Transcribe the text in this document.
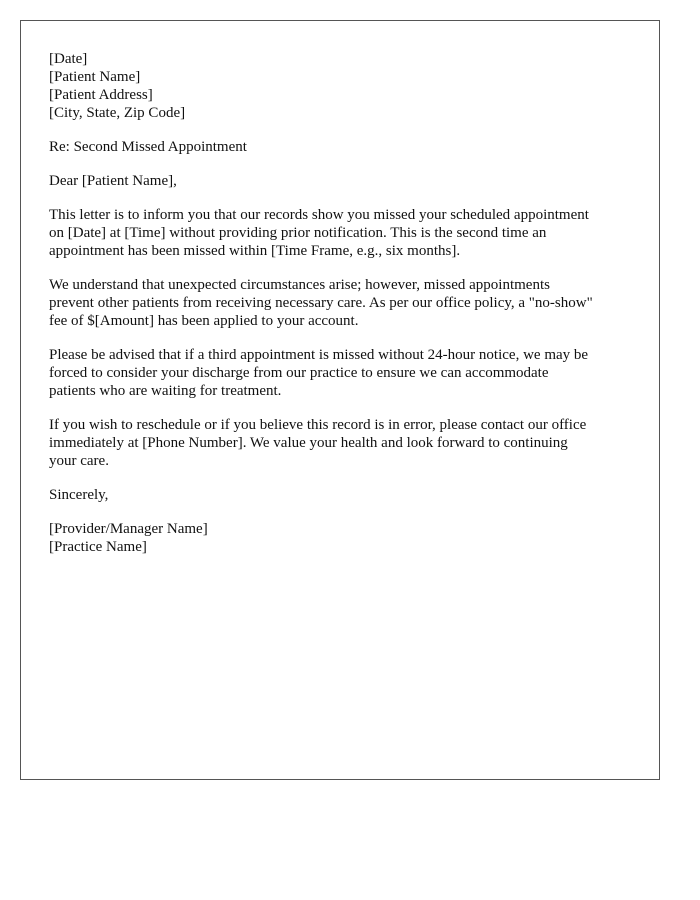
[Date]
[Patient Name]
[Patient Address]
[City, State, Zip Code]
Re: Second Missed Appointment
Dear [Patient Name],
This letter is to inform you that our records show you missed your scheduled appointment
on [Date] at [Time] without providing prior notification. This is the second time an
appointment has been missed within [Time Frame, e.g., six months].
We understand that unexpected circumstances arise; however, missed appointments
prevent other patients from receiving necessary care. As per our office policy, a "no-show"
fee of $[Amount] has been applied to your account.
Please be advised that if a third appointment is missed without 24-hour notice, we may be
forced to consider your discharge from our practice to ensure we can accommodate
patients who are waiting for treatment.
If you wish to reschedule or if you believe this record is in error, please contact our office
immediately at [Phone Number]. We value your health and look forward to continuing
your care.
Sincerely,
[Provider/Manager Name]
[Practice Name]
